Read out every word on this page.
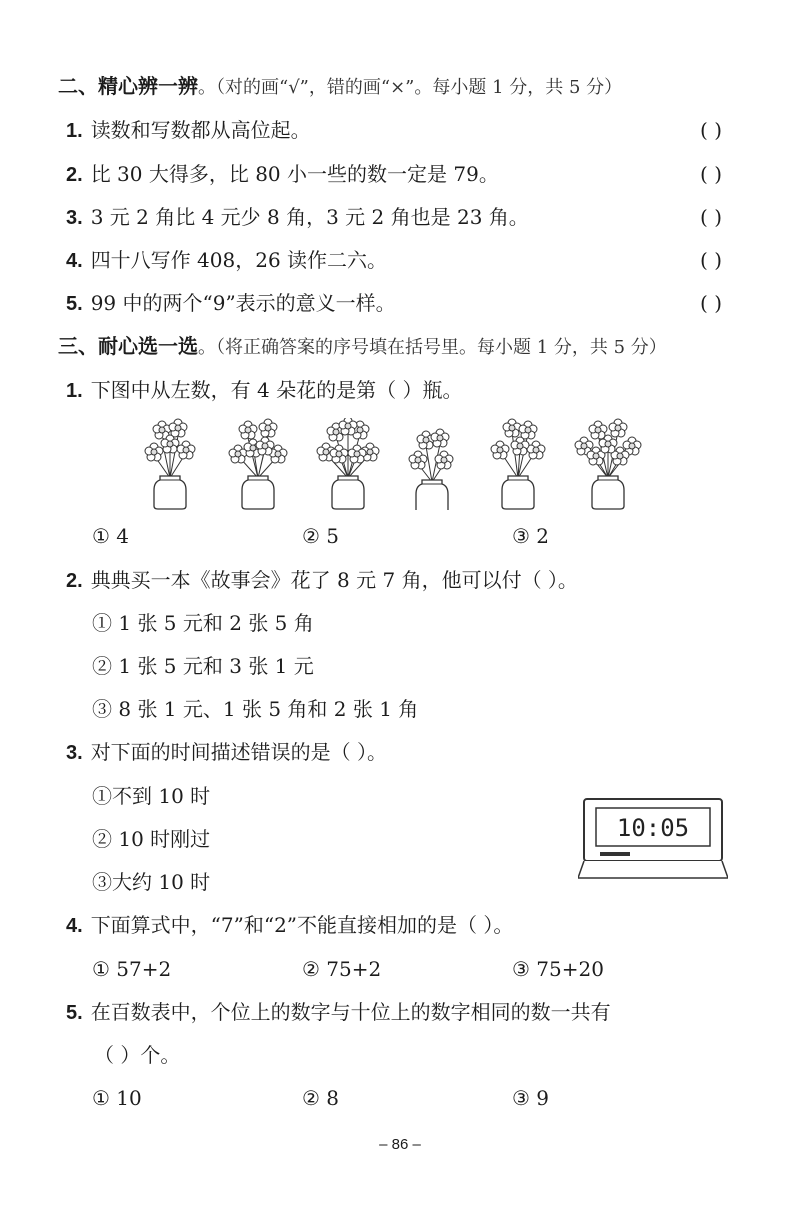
二、精心辨一辨。（对的画“√”，错的画“×”。每小题 1 分，共 5 分）
1. 读数和写数都从高位起。	( )
2. 比 30 大得多，比 80 小一些的数一定是 79。	( )
3. 3 元 2 角比 4 元少 8 角，3 元 2 角也是 23 角。	( )
4. 四十八写作 408，26 读作二六。	( )
5. 99 中的两个“9”表示的意义一样。	( )
三、耐心选一选。（将正确答案的序号填在括号里。每小题 1 分，共 5 分）
1. 下图中从左数，有 4 朵花的是第（ ）瓶。
① 4	② 5	③ 2
2. 典典买一本《故事会》花了 8 元 7 角，他可以付（ ）。
① 1 张 5 元和 2 张 5 角
② 1 张 5 元和 3 张 1 元
③ 8 张 1 元、1 张 5 角和 2 张 1 角
3. 对下面的时间描述错误的是（ ）。
①不到 10 时
② 10 时刚过
③大约 10 时
10:05
4. 下面算式中，“7”和“2”不能直接相加的是（ ）。
① 57+2	② 75+2	③ 75+20
5. 在百数表中，个位上的数字与十位上的数字相同的数一共有
（ ）个。
① 10	② 8	③ 9
– 86 –
